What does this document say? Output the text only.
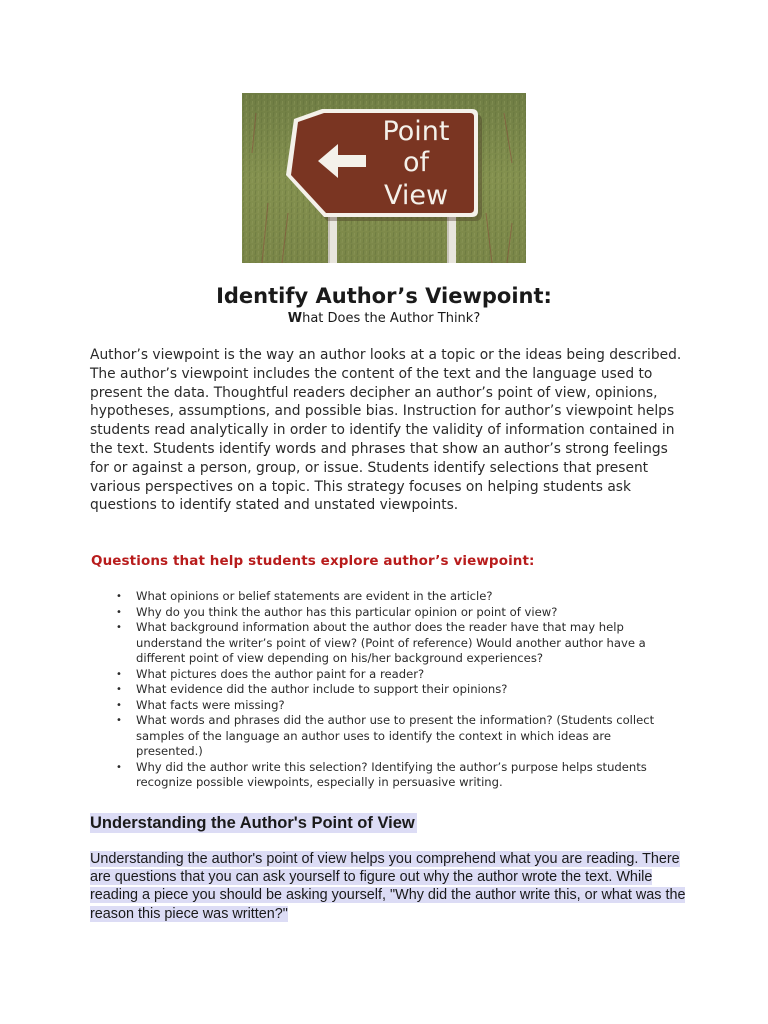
Point
of
View
Identify Author’s Viewpoint:

What Does the Author Think?

Author’s viewpoint is the way an author looks at a topic or the ideas being described. The author’s viewpoint includes the content of the text and the language used to present the data. Thoughtful readers decipher an author’s point of view, opinions, hypotheses, assumptions, and possible bias. Instruction for author’s viewpoint helps students read analytically in order to identify the validity of information contained in the text. Students identify words and phrases that show an author’s strong feelings for or against a person, group, or issue. Students identify selections that present various perspectives on a topic. This strategy focuses on helping students ask questions to identify stated and unstated viewpoints.

Questions that help students explore author’s viewpoint:
• What opinions or belief statements are evident in the article?
• Why do you think the author has this particular opinion or point of view?
• What background information about the author does the reader have that may help understand the writer’s point of view? (Point of reference) Would another author have a different point of view depending on his/her background experiences?
• What pictures does the author paint for a reader?
• What evidence did the author include to support their opinions?
• What facts were missing?
• What words and phrases did the author use to present the information? (Students collect samples of the language an author uses to identify the context in which ideas are presented.)
• Why did the author write this selection? Identifying the author’s purpose helps students recognize possible viewpoints, especially in persuasive writing.
Understanding the Author's Point of View

Understanding the author's point of view helps you comprehend what you are reading. There are questions that you can ask yourself to figure out why the author wrote the text. While reading a piece you should be asking yourself, "Why did the author write this, or what was the reason this piece was written?"
